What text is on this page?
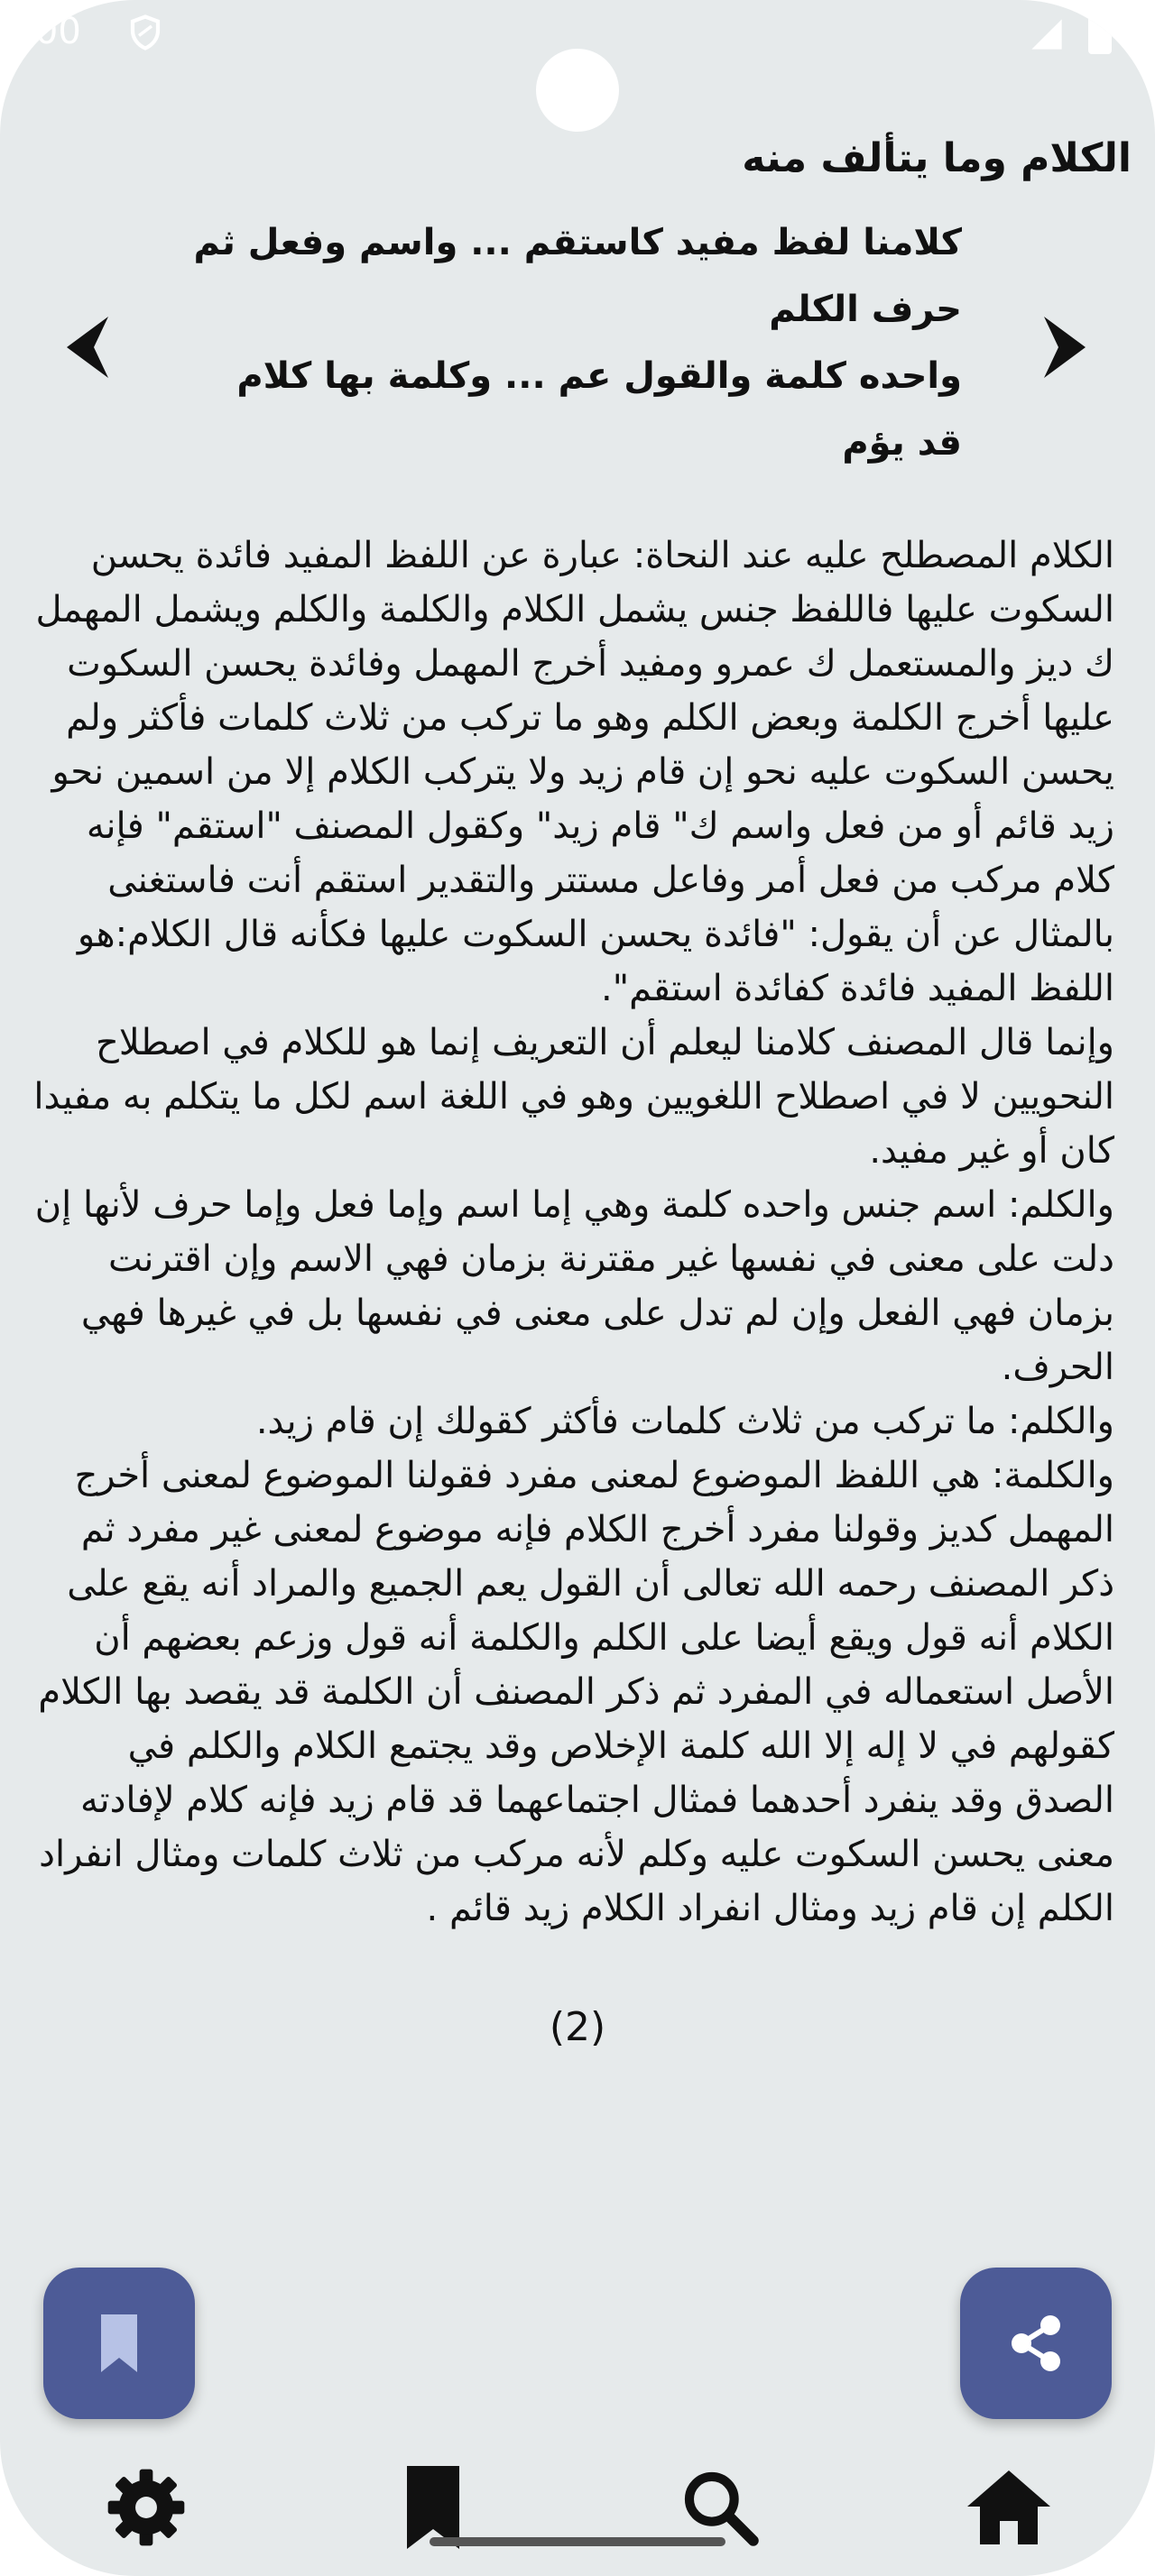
4:00
الكلام وما يتألف منه
كلامنا لفظ مفيد كاستقم ... واسم وفعل ثم حرف الكلم
واحده كلمة والقول عم ... وكلمة بها كلام قد يؤم

الكلام المصطلح عليه عند النحاة: عبارة عن اللفظ المفيد فائدة يحسن السكوت عليها فاللفظ جنس يشمل الكلام والكلمة والكلم ويشمل المهمل ك ديز والمستعمل ك عمرو ومفيد أخرج المهمل وفائدة يحسن السكوت عليها أخرج الكلمة وبعض الكلم وهو ما تركب من ثلاث كلمات فأكثر ولم يحسن السكوت عليه نحو إن قام زيد ولا يتركب الكلام إلا من اسمين نحو زيد قائم أو من فعل واسم ك" قام زيد" وكقول المصنف "استقم" فإنه كلام مركب من فعل أمر وفاعل مستتر والتقدير استقم أنت فاستغنى بالمثال عن أن يقول: "فائدة يحسن السكوت عليها فكأنه قال الكلام:هو اللفظ المفيد فائدة كفائدة استقم".

وإنما قال المصنف كلامنا ليعلم أن التعريف إنما هو للكلام في اصطلاح النحويين لا في اصطلاح اللغويين وهو في اللغة اسم لكل ما يتكلم به مفيدا كان أو غير مفيد.

والكلم: اسم جنس واحده كلمة وهي إما اسم وإما فعل وإما حرف لأنها إن دلت على معنى في نفسها غير مقترنة بزمان فهي الاسم وإن اقترنت بزمان فهي الفعل وإن لم تدل على معنى في نفسها بل في غيرها فهي الحرف.

والكلم: ما تركب من ثلاث كلمات فأكثر كقولك إن قام زيد.

والكلمة: هي اللفظ الموضوع لمعنى مفرد فقولنا الموضوع لمعنى أخرج المهمل كديز وقولنا مفرد أخرج الكلام فإنه موضوع لمعنى غير مفرد ثم ذكر المصنف رحمه الله تعالى أن القول يعم الجميع والمراد أنه يقع على الكلام أنه قول ويقع أيضا على الكلم والكلمة أنه قول وزعم بعضهم أن الأصل استعماله في المفرد ثم ذكر المصنف أن الكلمة قد يقصد بها الكلام كقولهم في لا إله إلا الله كلمة الإخلاص وقد يجتمع الكلام والكلم في الصدق وقد ينفرد أحدهما فمثال اجتماعهما قد قام زيد فإنه كلام لإفادته معنى يحسن السكوت عليه وكلم لأنه مركب من ثلاث كلمات ومثال انفراد الكلم إن قام زيد ومثال انفراد الكلام زيد قائم .

(2)
